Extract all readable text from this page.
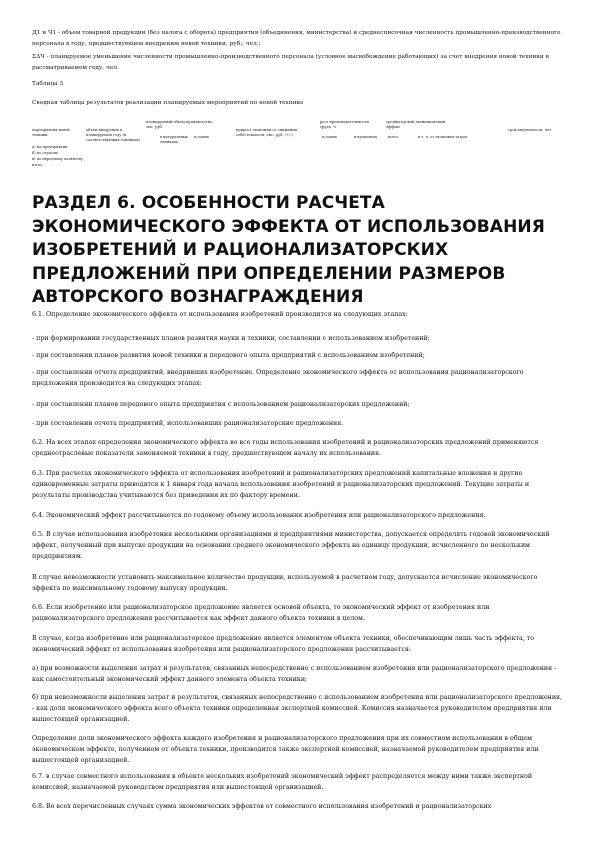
Д1 и Ч1 - объем товарной продукции (без налога с оборота) предприятия (объединения, министерства) и среднесписочная численность промышленно-производственного персонала в году, предшествующем внедрению новой техники, руб.; чел.;

ΣΔЧ - планируемое уменьшение численности промышленно-производственного персонала (условное высвобождение работающих) за счет внедрения новой техники в рассматриваемом году, чел.

Таблица 3

Сводная таблица результатов реализации планируемых мероприятий по новой технике

мероприятия новой техники
объем внедрения в планируемом году (в соответствующих единицах)
планируемый объем производства, тыс. руб.
в натуральных единицах
в сумме
прирост экономии от снижения себестоимости, тыс. руб. (+/-)
рост производительности труда, %
в сумме	в процентах
среднегодовой экономический эффект
всего	в т. ч. от экономии затрат
срок окупаемости, лет
а) на предприятии
б) по отрасли
в) по народному хозяйству
итого
РАЗДЕЛ 6. ОСОБЕННОСТИ РАСЧЕТА ЭКОНОМИЧЕСКОГО ЭФФЕКТА ОТ ИСПОЛЬЗОВАНИЯ ИЗОБРЕТЕНИЙ И РАЦИОНАЛИЗАТОРСКИХ ПРЕДЛОЖЕНИЙ ПРИ ОПРЕДЕЛЕНИИ РАЗМЕРОВ АВТОРСКОГО ВОЗНАГРАЖДЕНИЯ

6.1. Определение экономического эффекта от использования изобретений производится на следующих этапах:

- при формировании государственных планов развития науки и техники, составлении с использованием изобретений;

- при составлении планов развития новой техники и передового опыта предприятий с использованием изобретений;

- при составлении отчета предприятий, внедривших изобретение. Определение экономического эффекта от использования рационализаторского предложения производится на следующих этапах:

- при составлении планов передового опыта предприятия с использованием рационализаторских предложений;

- при составлении отчета предприятий, использовавших рационализаторские предложения.

6.2. На всех этапах определения экономического эффекта во все годы использования изобретений и рационализаторских предложений применяются среднеотраслевые показатели заменяемой техники в году, предшествующем началу их использования.

6.3. При расчетах экономического эффекта от использования изобретений и рационализаторских предложений капитальные вложения и другие единовременные затраты приводятся к 1 января года начала использования изобретений и рационализаторских предложений. Текущие затраты и результаты производства учитываются без приведения их по фактору времени.

6.4. Экономический эффект рассчитывается по годовому объему использования изобретения или рационализаторского предложения.

6.5. В случае использования изобретения несколькими организациями и предприятиями министерства, допускается определять годовой экономический эффект, полученный при выпуске продукции на основании среднего экономического эффекта на единицу продукции, исчисленного по нескольким предприятиям.

В случае невозможности установить максимальное количество продукции, используемой в расчетном году, допускается исчисление экономического эффекта по максимальному годовому выпуску продукции.

6.6. Если изобретение или рационализаторское предложение является основой объекта, то экономический эффект от изобретения или рационализаторского предложения рассчитывается как эффект данного объекта техники в целом.

В случае, когда изобретение или рационализаторское предложение является элементом объекта техники, обеспечивающим лишь часть эффекта, то экономический эффект от использования изобретения или рационализаторского предложения рассчитывается:

а) при возможности выделения затрат и результатов, связанных непосредственно с использованием изобретения или рационализаторского предложения - как самостоятельный экономический эффект данного элемента объекта техники;

б) при невозможности выделения затрат и результатов, связанных непосредственно с использованием изобретения или рационализаторского предложения, - как доля экономического эффекта всего объекта техники определенная экспертной комиссией. Комиссия назначается руководителем предприятия или вышестоящей организацией.

Определение доли экономического эффекта каждого изобретения и рационализаторского предложения при их совместном использовании в общем экономическом эффекте, полученном от объекта техники, производится также экспертной комиссией, назначаемой руководителем предприятия или вышестоящей организацией.

6.7. в случае совместного использования в объекте нескольких изобретений экономический эффект распределяется между ними также экспертной комиссией, назначаемой руководством предприятия или вышестоящей организацией.

6.8. Во всех перечисленных случаях сумма экономических эффектов от совместного использования изобретений и рационализаторских
